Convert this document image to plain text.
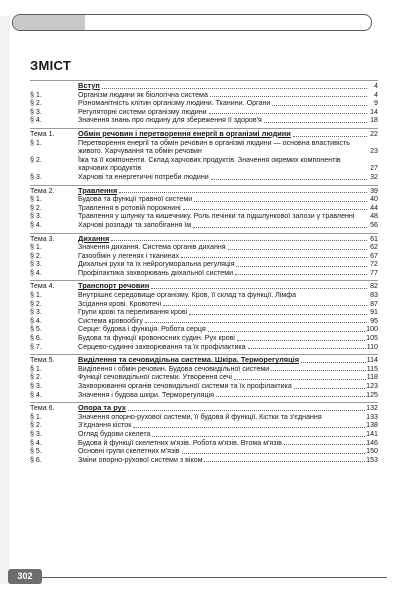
ЗМІСТ
Вступ	4
§ 1.	Організм людини як біологічна система	4
§ 2.	Різноманітність клітин організму людини. Тканини. Органи	9
§ 3.	Регуляторні системи організму людини	14
§ 4.	Значення знань про людину для збереження її здоров'я	18
Тема 1.	Обмін речовин і перетворення енергії в організмі людини	22
§ 1.	Перетворення енергії та обмін речовин в організмі людини — основна властивість живого. Харчування та обмін речовин	23
§ 2.	Їжа та її компоненти. Склад харчових продуктів. Значення окремих компонентів харчових продуктів	27
§ 3.	Харчові та енергетичні потреби людини	32
Тема 2.	Травлення	39
§ 1.	Будова та функції травної системи	40
§ 2.	Травлення в ротовій порожнині	44
§ 3.	Травлення у шлунку та кишечнику. Роль печінки та підшлункової залози у травленні	48
§ 4.	Харчові розлади та запобігання їм	56
Тема 3.	Дихання	61
§ 1.	Значення дихання. Система органів дихання	62
§ 2.	Газообмін у легенях і тканинах	67
§ 3.	Дихальні рухи та їх нейрогуморальна регуляція	72
§ 4.	Профілактика захворювань дихальної системи	77
Тема 4.	Транспорт речовин	82
§ 1.	Внутрішнє середовище організму. Кров, її склад та функції. Лімфа	83
§ 2.	Зсідання крові. Кровотечі	87
§ 3.	Групи крові та переливання крові	91
§ 4.	Система кровообігу	95
§ 5.	Серце: будова і функція. Робота серця	100
§ 6.	Будова та функції кровоносних судин. Рух крові	105
§ 7.	Серцево-судинні захворювання та їх профілактика	110
Тема 5.	Виділення та сечовидільна система. Шкіра. Терморегуляція	114
§ 1.	Виділення і обмін речовин. Будова сечовидільної системи	115
§ 2.	Функції сечовидільної системи. Утворення сечі	118
§ 3.	Захворювання органів сечовидільної системи та їх профілактика	123
§ 4.	Значення і будова шкіри. Терморегуляція	125
Тема 6.	Опора та рух	132
§ 1.	Значення опорно-рухової системи, її будова й функції. Кістки та з'єднання	133
§ 2.	З'єднання кісток	138
§ 3.	Огляд будови скелета	141
§ 4.	Будова й функції скелетних м'язів. Робота м'язів. Втома м'язів	146
§ 5.	Основні групи скелетних м'язів	150
§ 6.	Зміни опорно-рухової системи з віком	153
302
